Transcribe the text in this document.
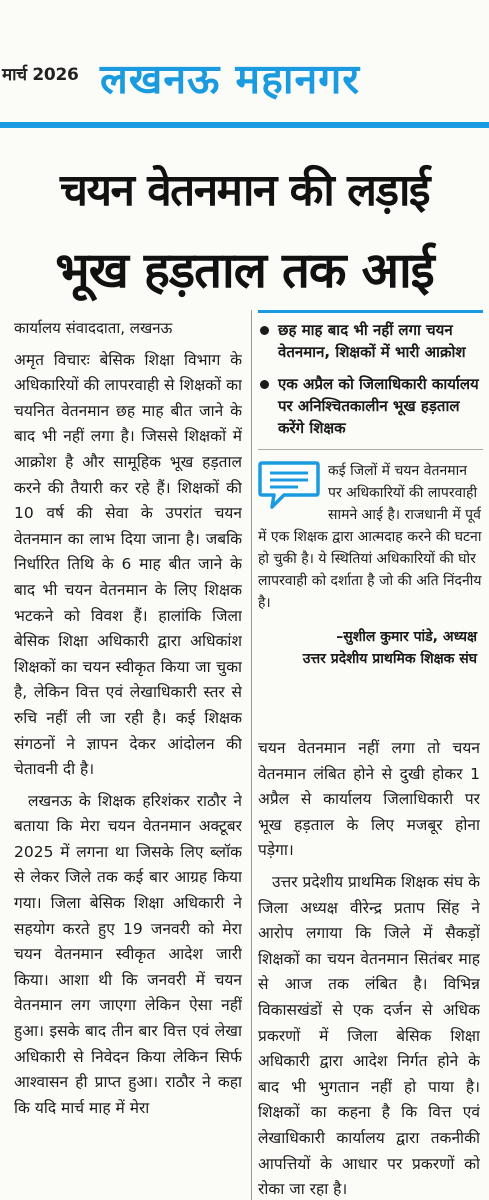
मार्च 2026 लखनऊ महानगर
चयन वेतनमान की लड़ाई
भूख हड़ताल तक आई

कार्यालय संवाददाता, लखनऊ

अमृत विचारः बेसिक शिक्षा विभाग के अधिकारियों की लापरवाही से शिक्षकों का चयनित वेतनमान छह माह बीत जाने के बाद भी नहीं लगा है। जिससे शिक्षकों में आक्रोश है और सामूहिक भूख हड़ताल करने की तैयारी कर रहे हैं। शिक्षकों की 10 वर्ष की सेवा के उपरांत चयन वेतनमान का लाभ दिया जाना है। जबकि निर्धारित तिथि के 6 माह बीत जाने के बाद भी चयन वेतनमान के लिए शिक्षक भटकने को विवश हैं। हालांकि जिला बेसिक शिक्षा अधिकारी द्वारा अधिकांश शिक्षकों का चयन स्वीकृत किया जा चुका है, लेकिन वित्त एवं लेखाधिकारी स्तर से रुचि नहीं ली जा रही है। कई शिक्षक संगठनों ने ज्ञापन देकर आंदोलन की चेतावनी दी है।

लखनऊ के शिक्षक हरिशंकर राठौर ने बताया कि मेरा चयन वेतनमान अक्टूबर 2025 में लगना था जिसके लिए ब्लॉक से लेकर जिले तक कई बार आग्रह किया गया। जिला बेसिक शिक्षा अधिकारी ने सहयोग करते हुए 19 जनवरी को मेरा चयन वेतनमान स्वीकृत आदेश जारी किया। आशा थी कि जनवरी में चयन वेतनमान लग जाएगा लेकिन ऐसा नहीं हुआ। इसके बाद तीन बार वित्त एवं लेखा अधिकारी से निवेदन किया लेकिन सिर्फ आश्वासन ही प्राप्त हुआ। राठौर ने कहा कि यदि मार्च माह में मेरा

छह माह बाद भी नहीं लगा चयन वेतनमान, शिक्षकों में भारी आक्रोश
एक अप्रैल को जिलाधिकारी कार्यालय पर अनिश्चितकालीन भूख हड़ताल करेंगे शिक्षक
कई जिलों में चयन वेतनमान पर अधिकारियों की लापरवाही सामने आई है। राजधानी में पूर्व में एक शिक्षक द्वारा आत्मदाह करने की घटना हो चुकी है। ये स्थितियां अधिकारियों की घोर लापरवाही को दर्शाता है जो की अति निंदनीय है।
–सुशील कुमार पांडे, अध्यक्ष
उत्तर प्रदेशीय प्राथमिक शिक्षक संघ

चयन वेतनमान नहीं लगा तो चयन वेतनमान लंबित होने से दुखी होकर 1 अप्रैल से कार्यालय जिलाधिकारी पर भूख हड़ताल के लिए मजबूर होना पड़ेगा।

उत्तर प्रदेशीय प्राथमिक शिक्षक संघ के जिला अध्यक्ष वीरेन्द्र प्रताप सिंह ने आरोप लगाया कि जिले में सैकड़ों शिक्षकों का चयन वेतनमान सितंबर माह से आज तक लंबित है। विभिन्न विकासखंडों से एक दर्जन से अधिक प्रकरणों में जिला बेसिक शिक्षा अधिकारी द्वारा आदेश निर्गत होने के बाद भी भुगतान नहीं हो पाया है। शिक्षकों का कहना है कि वित्त एवं लेखाधिकारी कार्यालय द्वारा तकनीकी आपत्तियों के आधार पर प्रकरणों को रोका जा रहा है।
